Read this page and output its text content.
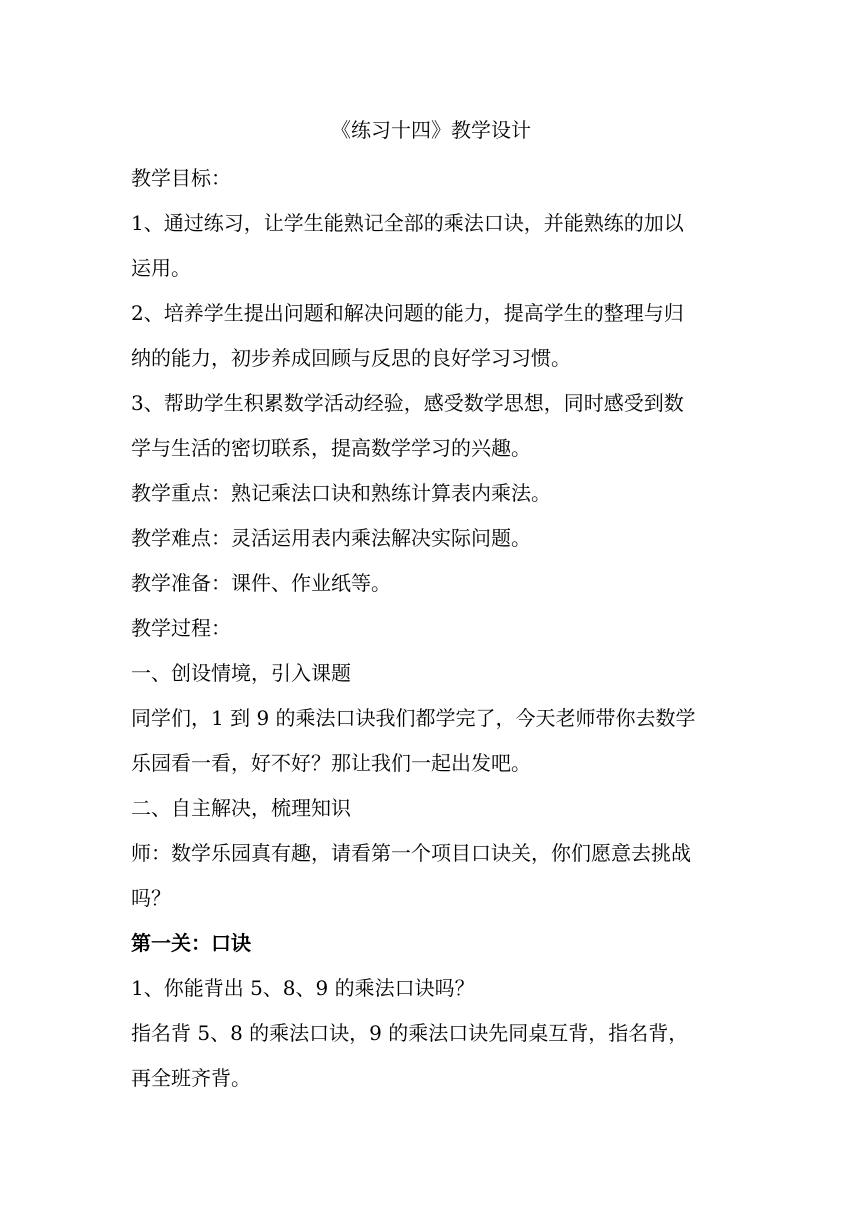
《练习十四》教学设计
教学目标：
1、通过练习，让学生能熟记全部的乘法口诀，并能熟练的加以
运用。
2、培养学生提出问题和解决问题的能力，提高学生的整理与归
纳的能力，初步养成回顾与反思的良好学习习惯。
3、帮助学生积累数学活动经验，感受数学思想，同时感受到数
学与生活的密切联系，提高数学学习的兴趣。
教学重点：熟记乘法口诀和熟练计算表内乘法。
教学难点：灵活运用表内乘法解决实际问题。
教学准备：课件、作业纸等。
教学过程：
一、创设情境，引入课题
同学们，1 到 9 的乘法口诀我们都学完了，今天老师带你去数学
乐园看一看，好不好？那让我们一起出发吧。
二、自主解决，梳理知识
师：数学乐园真有趣，请看第一个项目口诀关，你们愿意去挑战
吗？
第一关：口诀
1、你能背出 5、8、9 的乘法口诀吗？
指名背 5、8 的乘法口诀，9 的乘法口诀先同桌互背，指名背，
再全班齐背。
